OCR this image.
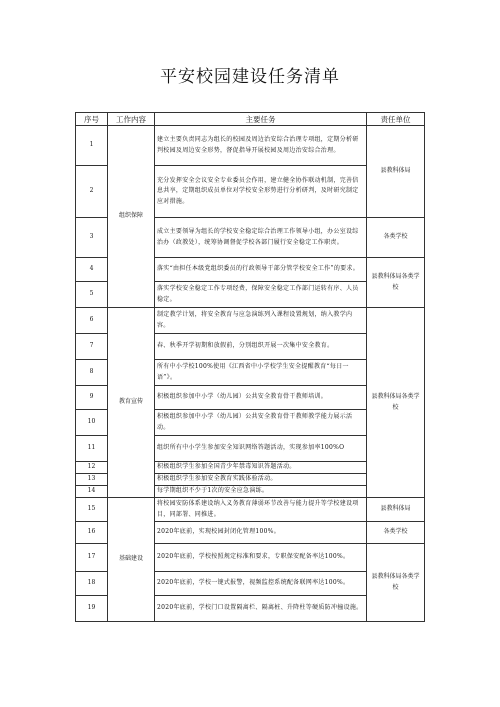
平安校园建设任务清单
序号	工作内容	主要任务	责任单位
1	组织保障	建立主要负责同志为组长的校园及周边治安综合治理专项组，定期分析研判校园及周边安全形势，督促指导开展校园及周边治安综合治理。	县教科体局
2		充分发挥安全会议安全专业委员会作用，建立健全协作联动机制，完善信息共享，定期组织成员单位对学校安全形势进行分析研判，及时研究制定应对措施。	
3		成立主要领导为组长的学校安全稳定综合治理工作领导小组，办公室设综治办（政教处），统筹协调督促学校各部门履行安全稳定工作职责。	各类学校
4		落实“由担任本级党组织委员的行政领导干部分管学校安全工作”的要求。	县教科体局各类学校
5		落实学校安全稳定工作专项经费，保障安全稳定工作部门运转有序、人员稳定。	
6	教育宣传	制定教学计划，将安全教育与应急演练列入课程设置规划，纳入教学内容。	县教科体局各类学校
7		春、秋季开学初期和放假前，分别组织开展一次集中安全教育。	
8		所有中小学校100%使用《江西省中小学校学生安全提醒教育“每日一语”》。	
9		积极组织参加中小学（幼儿园）公共安全教育骨干教师培训。	
10		积极组织参加中小学（幼儿园）公共安全教育骨干教师教学能力展示活动。	
11		组织所有中小学生参加安全知识网络答题活动，实现参加率100%O	
12		积极组织学生参加全国青少年禁毒知识答题活动。	
13		积极组织学生参加安全教育实践体验活动。	
14		每学期组织不少于1次的安全应急演练。	
15	基础建设	将校园安防体系建设纳入义务教育薄弱环节改善与能力提升等学校建设项目，同部署、同推进。	县教科体局
16		2020年底前，实现校园封闭化管理100%。	各类学校
17		2020年底前，学校按照规定标准和要求，专职保安配备率达100%。	县教科体局各类学校
18		2020年底前，学校一键式报警，视频监控系统配备联网率达100%。	
19		2020年底前，学校门口设置隔离栏、隔离桩、升降柱等硬质防冲撞设施。	
